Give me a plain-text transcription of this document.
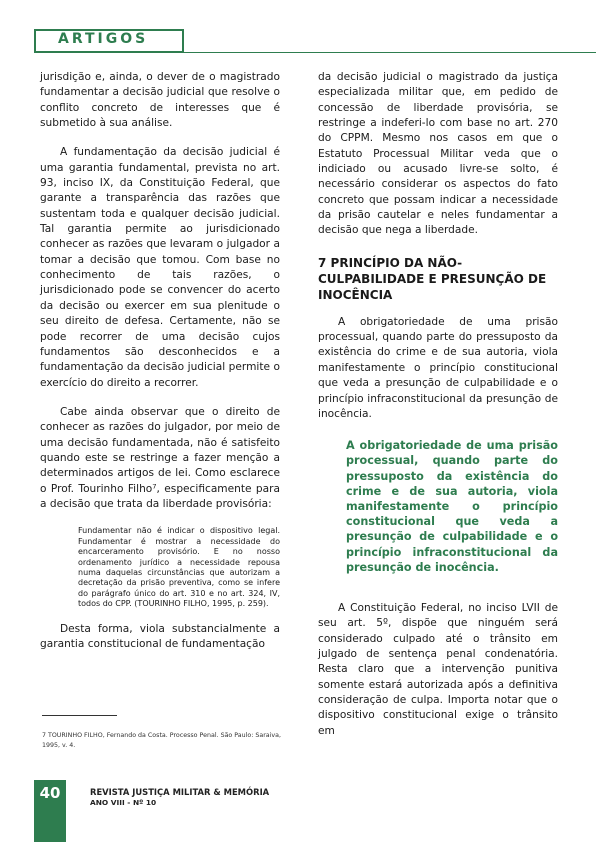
ARTIGOS

jurisdição e, ainda, o dever de o magistrado fundamentar a decisão judicial que resolve o conflito concreto de interesses que é submetido à sua análise.

A fundamentação da decisão judicial é uma garantia fundamental, prevista no art. 93, inciso IX, da Constituição Federal, que garante a transparência das razões que sustentam toda e qualquer decisão judicial. Tal garantia permite ao jurisdicionado conhecer as razões que levaram o julgador a tomar a decisão que tomou. Com base no conhecimento de tais razões, o jurisdicionado pode se convencer do acerto da decisão ou exercer em sua plenitude o seu direito de defesa. Certamente, não se pode recorrer de uma decisão cujos fundamentos são desconhecidos e a fundamentação da decisão judicial permite o exercício do direito a recorrer.

Cabe ainda observar que o direito de conhecer as razões do julgador, por meio de uma decisão fundamentada, não é satisfeito quando este se restringe a fazer menção a determinados artigos de lei. Como esclarece o Prof. Tourinho Filho⁷, especificamente para a decisão que trata da liberdade provisória:

Fundamentar não é indicar o dispositivo legal. Fundamentar é mostrar a necessidade do encarceramento provisório. E no nosso ordenamento jurídico a necessidade repousa numa daquelas circunstâncias que autorizam a decretação da prisão preventiva, como se infere do parágrafo único do art. 310 e no art. 324, IV, todos do CPP. (TOURINHO FILHO, 1995, p. 259).

Desta forma, viola substancialmente a garantia constitucional de fundamentação

da decisão judicial o magistrado da justiça especializada militar que, em pedido de concessão de liberdade provisória, se restringe a indeferi-lo com base no art. 270 do CPPM. Mesmo nos casos em que o Estatuto Processual Militar veda que o indiciado ou acusado livre-se solto, é necessário considerar os aspectos do fato concreto que possam indicar a necessidade da prisão cautelar e neles fundamentar a decisão que nega a liberdade.

7 PRINCÍPIO DA NÃO-CULPABILIDADE E PRESUNÇÃO DE INOCÊNCIA

A obrigatoriedade de uma prisão processual, quando parte do pressuposto da existência do crime e de sua autoria, viola manifestamente o princípio constitucional que veda a presunção de culpabilidade e o princípio infraconstitucional da presunção de inocência.

A obrigatoriedade de uma prisão processual, quando parte do pressuposto da existência do crime e de sua autoria, viola manifestamente o princípio constitucional que veda a presunção de culpabilidade e o princípio infraconstitucional da presunção de inocência.

A Constituição Federal, no inciso LVII de seu art. 5º, dispõe que ninguém será considerado culpado até o trânsito em julgado de sentença penal condenatória. Resta claro que a intervenção punitiva somente estará autorizada após a definitiva consideração de culpa. Importa notar que o dispositivo constitucional exige o trânsito em

7 TOURINHO FILHO, Fernando da Costa. Processo Penal. São Paulo: Saraiva, 1995, v. 4.
40	REVISTA JUSTIÇA MILITAR & MEMÓRIA
ANO VIII - Nº 10
